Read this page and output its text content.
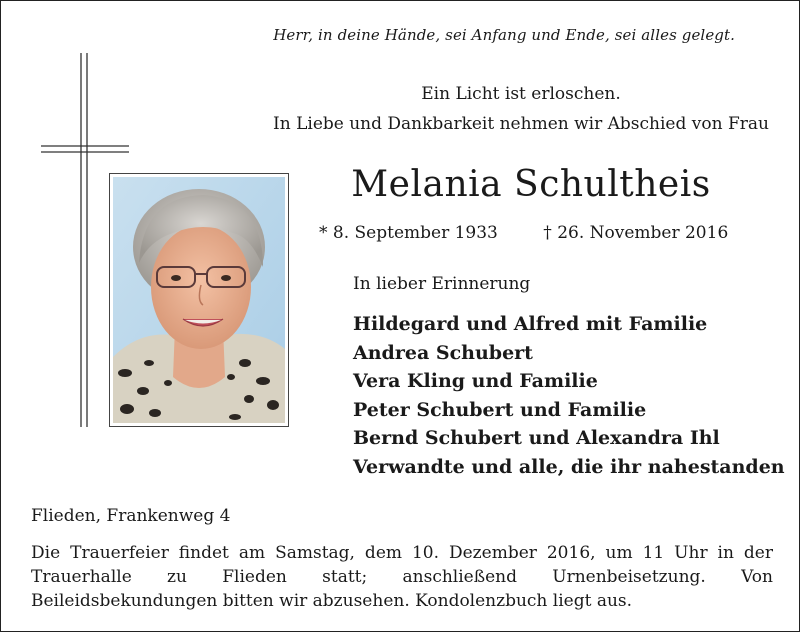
Herr, in deine Hände, sei Anfang und Ende, sei alles gelegt.
Ein Licht ist erloschen.
In Liebe und Dankbarkeit nehmen wir Abschied von Frau
Melania Schultheis
* 8. September 1933	† 26. November 2016
In lieber Erinnerung
Hildegard und Alfred mit Familie
Andrea Schubert
Vera Kling und Familie
Peter Schubert und Familie
Bernd Schubert und Alexandra Ihl
Verwandte und alle, die ihr nahestanden
Flieden, Frankenweg 4
Die Trauerfeier findet am Samstag, dem 10. Dezember 2016, um 11 Uhr in der Trauerhalle zu Flieden statt; anschließend Urnenbeisetzung. Von Beileidsbekundungen bitten wir abzusehen. Kondolenzbuch liegt aus.
